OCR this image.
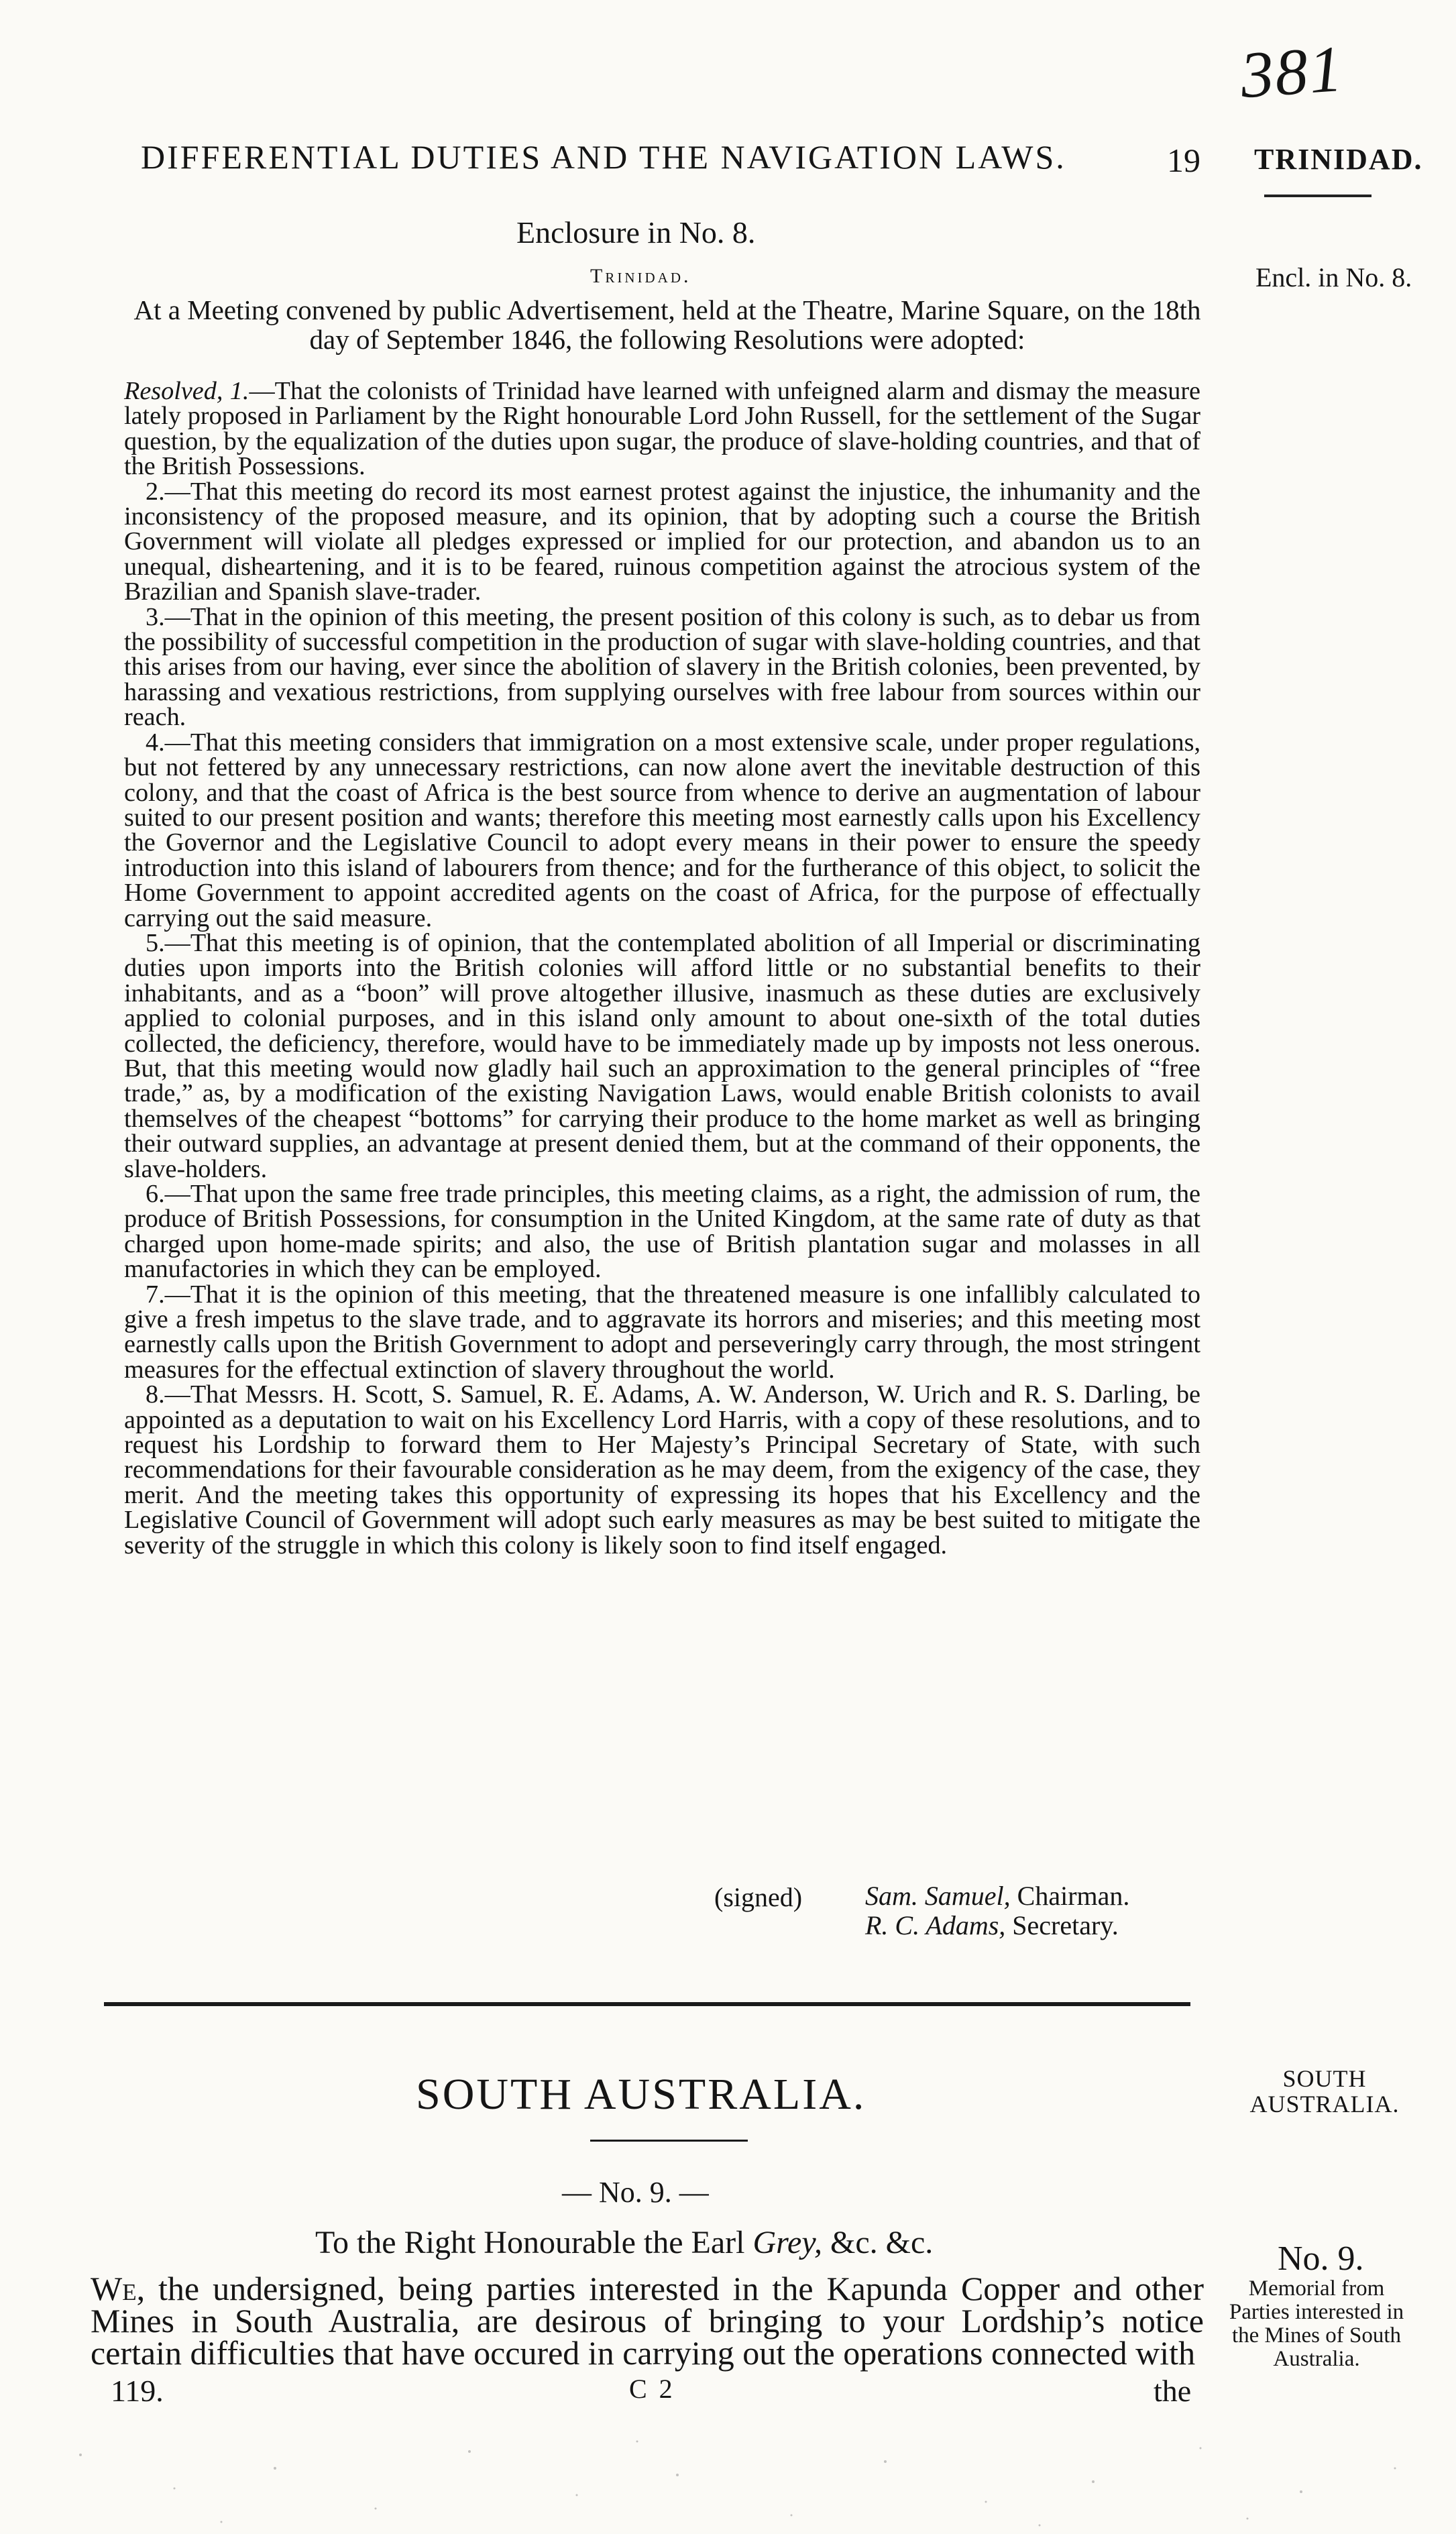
381
DIFFERENTIAL DUTIES AND THE NAVIGATION LAWS.	19 TRINIDAD.
Encl. in No. 8.
Enclosure in No. 8.
Trinidad.
At a Meeting convened by public Advertisement, held at the Theatre, Marine Square, on the 18th day of September 1846, the following Resolutions were adopted:

Resolved, 1.—That the colonists of Trinidad have learned with unfeigned alarm and dismay the measure lately proposed in Parliament by the Right honourable Lord John Russell, for the settlement of the Sugar question, by the equalization of the duties upon sugar, the produce of slave-holding countries, and that of the British Possessions.

2.—That this meeting do record its most earnest protest against the injustice, the inhumanity and the inconsistency of the proposed measure, and its opinion, that by adopting such a course the British Government will violate all pledges expressed or implied for our protection, and abandon us to an unequal, disheartening, and it is to be feared, ruinous competition against the atrocious system of the Brazilian and Spanish slave-trader.

3.—That in the opinion of this meeting, the present position of this colony is such, as to debar us from the possibility of successful competition in the production of sugar with slave-holding countries, and that this arises from our having, ever since the abolition of slavery in the British colonies, been prevented, by harassing and vexatious restrictions, from supplying ourselves with free labour from sources within our reach.

4.—That this meeting considers that immigration on a most extensive scale, under proper regulations, but not fettered by any unnecessary restrictions, can now alone avert the inevitable destruction of this colony, and that the coast of Africa is the best source from whence to derive an augmentation of labour suited to our present position and wants; therefore this meeting most earnestly calls upon his Excellency the Governor and the Legislative Council to adopt every means in their power to ensure the speedy introduction into this island of labourers from thence; and for the furtherance of this object, to solicit the Home Government to appoint accredited agents on the coast of Africa, for the purpose of effectually carrying out the said measure.

5.—That this meeting is of opinion, that the contemplated abolition of all Imperial or discriminating duties upon imports into the British colonies will afford little or no substantial benefits to their inhabitants, and as a “boon” will prove altogether illusive, inasmuch as these duties are exclusively applied to colonial purposes, and in this island only amount to about one-sixth of the total duties collected, the deficiency, therefore, would have to be immediately made up by imposts not less onerous. But, that this meeting would now gladly hail such an approximation to the general principles of “free trade,” as, by a modification of the existing Navigation Laws, would enable British colonists to avail themselves of the cheapest “bottoms” for carrying their produce to the home market as well as bringing their outward supplies, an advantage at present denied them, but at the command of their opponents, the slave-holders.

6.—That upon the same free trade principles, this meeting claims, as a right, the admission of rum, the produce of British Possessions, for consumption in the United Kingdom, at the same rate of duty as that charged upon home-made spirits; and also, the use of British plantation sugar and molasses in all manufactories in which they can be employed.

7.—That it is the opinion of this meeting, that the threatened measure is one infallibly calculated to give a fresh impetus to the slave trade, and to aggravate its horrors and miseries; and this meeting most earnestly calls upon the British Government to adopt and perseveringly carry through, the most stringent measures for the effectual extinction of slavery throughout the world.

8.—That Messrs. H. Scott, S. Samuel, R. E. Adams, A. W. Anderson, W. Urich and R. S. Darling, be appointed as a deputation to wait on his Excellency Lord Harris, with a copy of these resolutions, and to request his Lordship to forward them to Her Majesty’s Principal Secretary of State, with such recommendations for their favourable consideration as he may deem, from the exigency of the case, they merit. And the meeting takes this opportunity of expressing its hopes that his Excellency and the Legislative Council of Government will adopt such early measures as may be best suited to mitigate the severity of the struggle in which this colony is likely soon to find itself engaged.

(signed) Sam. Samuel, Chairman.
R. C. Adams, Secretary.
SOUTH AUSTRALIA.	SOUTH AUSTRALIA.
— No. 9. —
To the Right Honourable the Earl Grey, &c. &c.	No. 9.
Memorial from Parties interested in the Mines of South Australia.
We, the undersigned, being parties interested in the Kapunda Copper and other Mines in South Australia, are desirous of bringing to your Lordship’s notice certain difficulties that have occured in carrying out the operations connected with
119.	C 2	the
